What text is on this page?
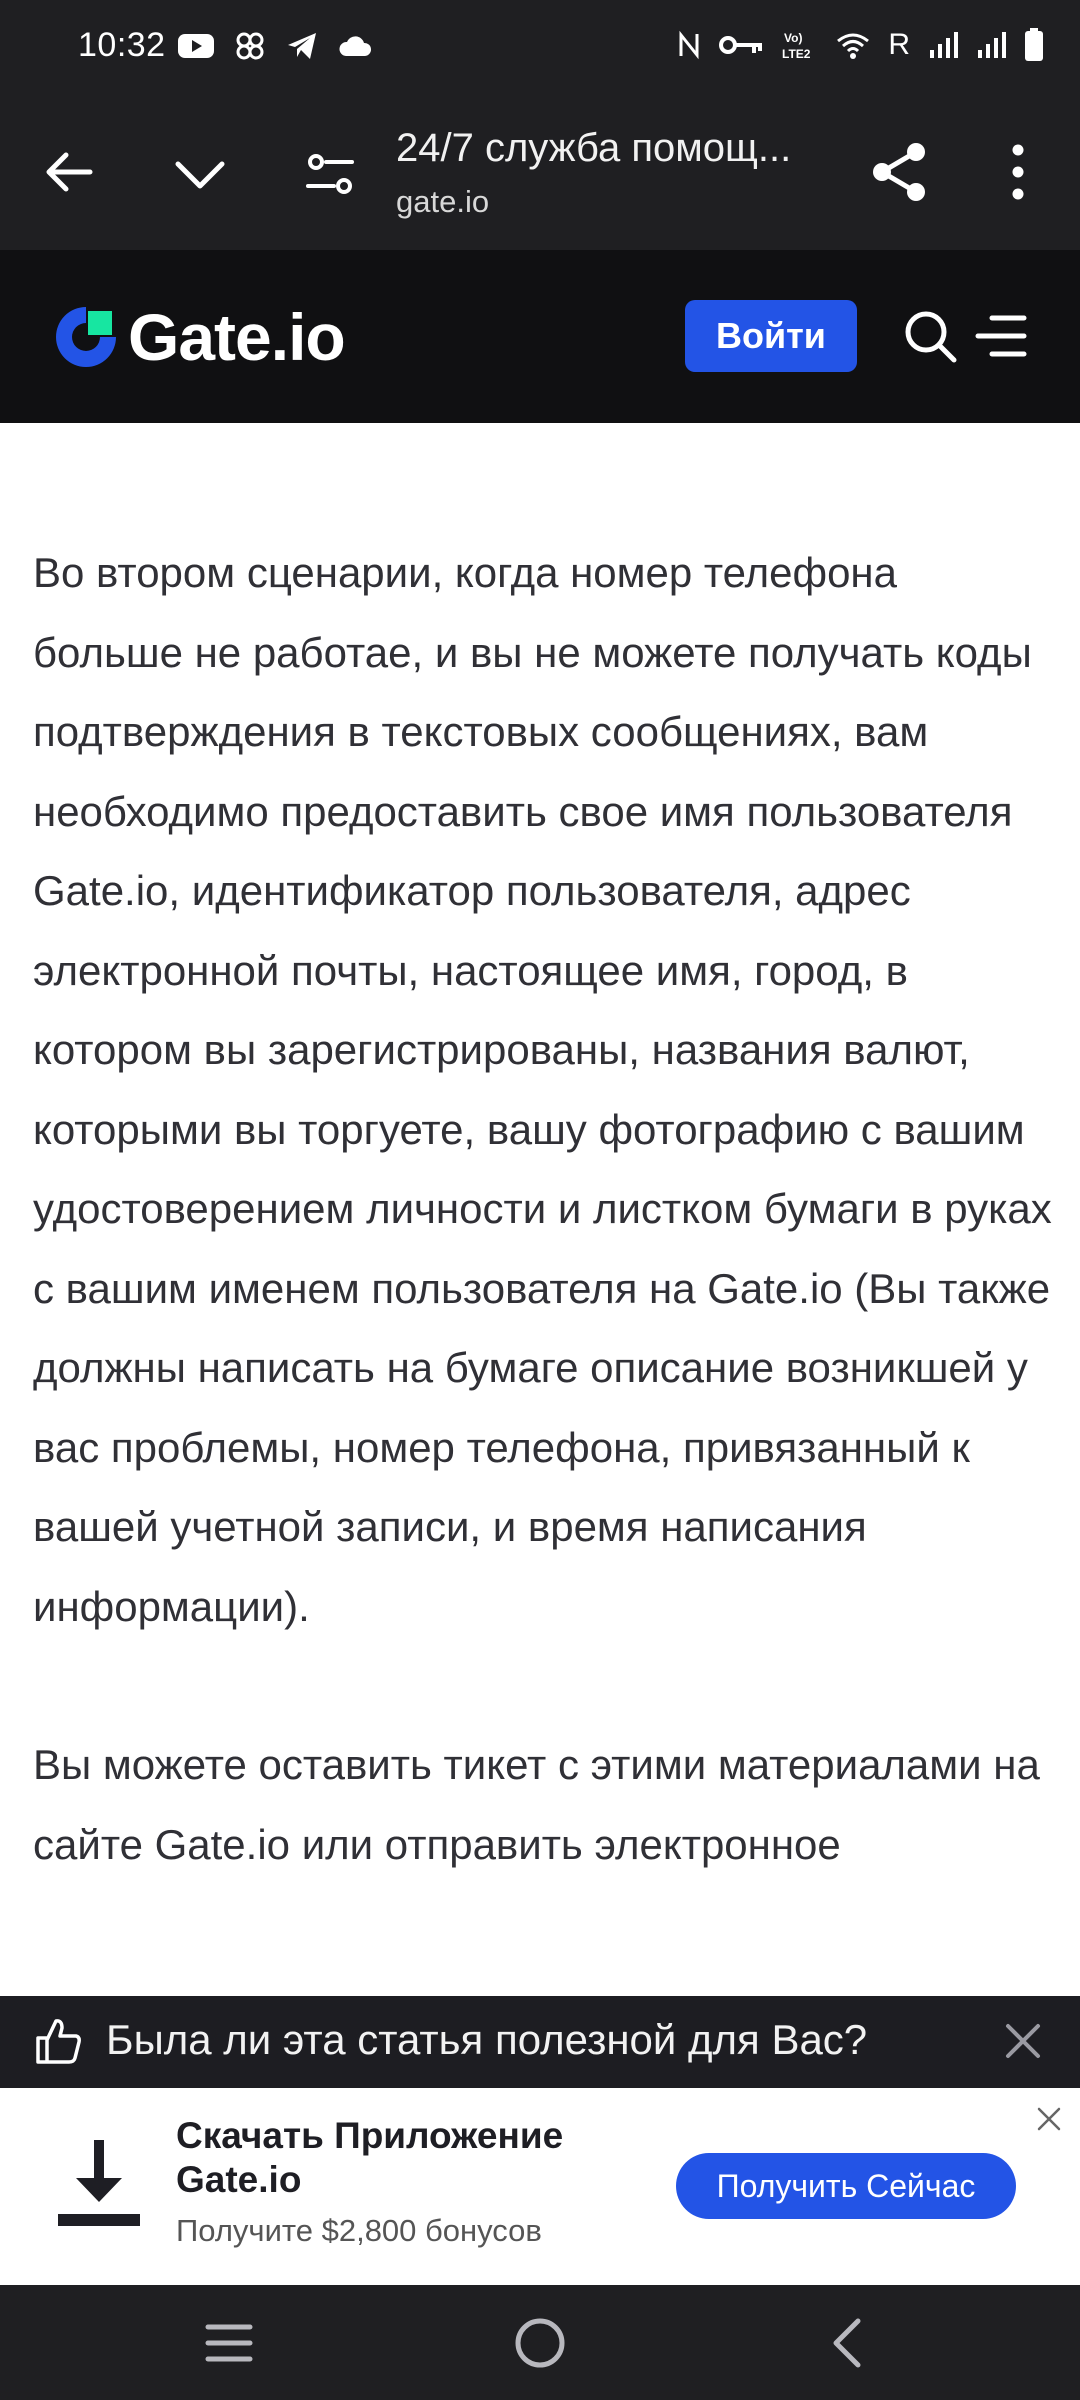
10:32	Vo)
LTE2	R
24/7 служба помощ...
gate.io
Gate.io	Войти

Во втором сценарии, когда номер телефона больше не работае, и вы не можете получать коды подтверждения в текстовых сообщениях, вам необходимо предоставить свое имя пользователя Gate.io, идентификатор пользователя, адрес электронной почты, настоящее имя, город, в котором вы зарегистрированы, названия валют, которыми вы торгуете, вашу фотографию с вашим удостоверением личности и листком бумаги в руках с вашим именем пользователя на Gate.io (Вы также должны написать на бумаге описание возникшей у вас проблемы, номер телефона, привязанный к вашей учетной записи, и время написания информации).

Вы можете оставить тикет с этими материалами на сайте Gate.io или отправить электронное

Была ли эта статья полезной для Вас?
Скачать Приложение Gate.io
Получите $2,800 бонусов
Получить Сейчас
